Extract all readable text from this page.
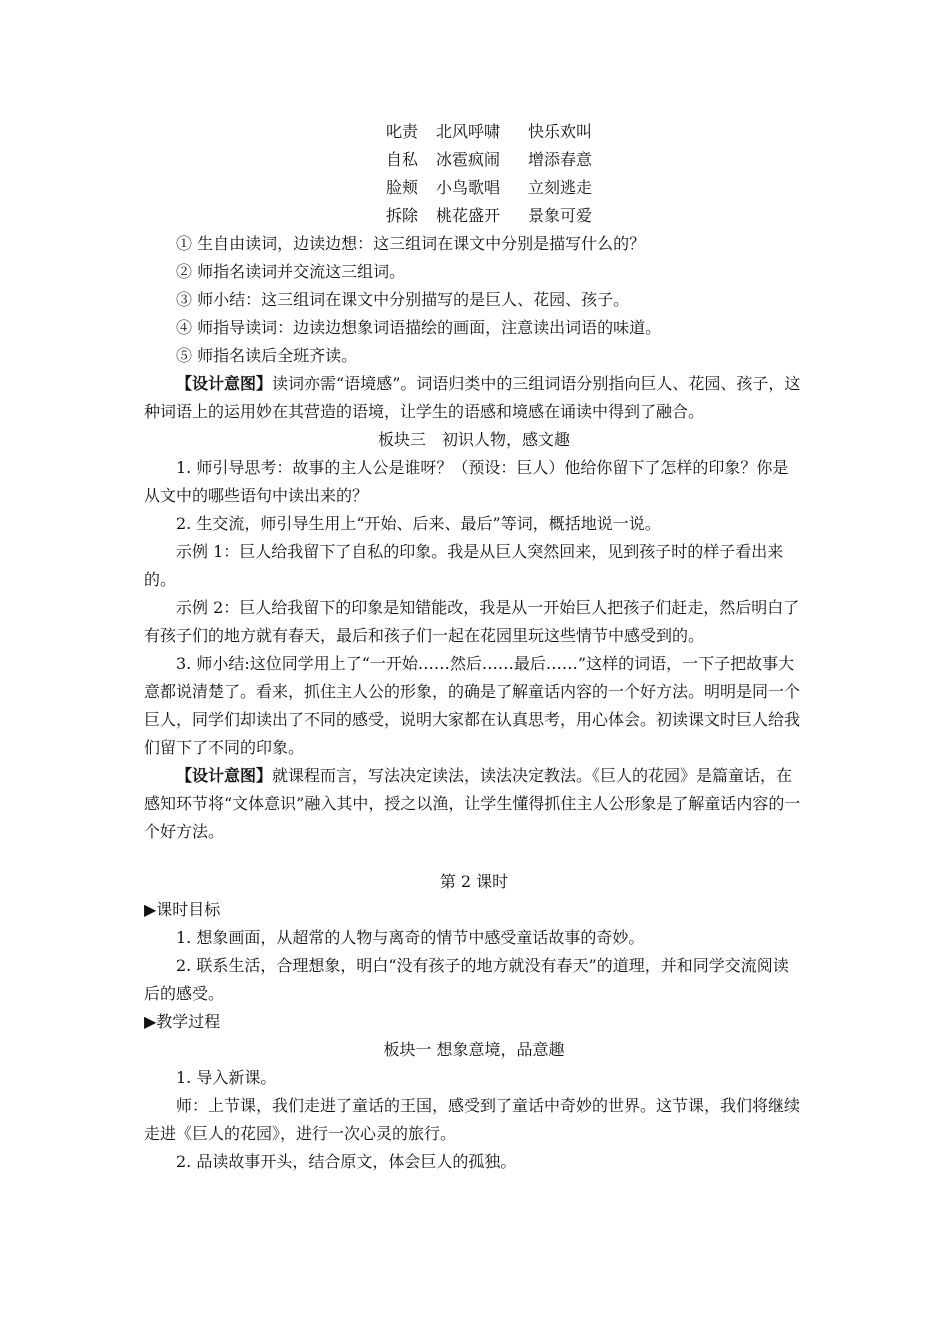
叱责	北风呼啸	快乐欢叫
自私	冰雹疯闹	增添春意
脸颊	小鸟歌唱	立刻逃走
拆除	桃花盛开	景象可爱
① 生自由读词，边读边想：这三组词在课文中分别是描写什么的？
② 师指名读词并交流这三组词。
③ 师小结：这三组词在课文中分别描写的是巨人、花园、孩子。
④ 师指导读词：边读边想象词语描绘的画面，注意读出词语的味道。
⑤ 师指名读后全班齐读。
【设计意图】读词亦需“语境感”。词语归类中的三组词语分别指向巨人、花园、孩子，这种词语上的运用妙在其营造的语境，让学生的语感和境感在诵读中得到了融合。
板块三　初识人物，感文趣
1. 师引导思考：故事的主人公是谁呀？（预设：巨人）他给你留下了怎样的印象？你是从文中的哪些语句中读出来的？
2. 生交流，师引导生用上“开始、后来、最后”等词，概括地说一说。
示例 1：巨人给我留下了自私的印象。我是从巨人突然回来，见到孩子时的样子看出来的。
示例 2：巨人给我留下的印象是知错能改，我是从一开始巨人把孩子们赶走，然后明白了有孩子们的地方就有春天，最后和孩子们一起在花园里玩这些情节中感受到的。
3. 师小结:这位同学用上了“一开始……然后……最后……”这样的词语，一下子把故事大意都说清楚了。看来，抓住主人公的形象，的确是了解童话内容的一个好方法。明明是同一个巨人，同学们却读出了不同的感受，说明大家都在认真思考，用心体会。初读课文时巨人给我们留下了不同的印象。
【设计意图】就课程而言，写法决定读法，读法决定教法。《巨人的花园》是篇童话，在感知环节将“文体意识”融入其中，授之以渔，让学生懂得抓住主人公形象是了解童话内容的一个好方法。
第 2 课时
▶课时目标
1. 想象画面，从超常的人物与离奇的情节中感受童话故事的奇妙。
2. 联系生活，合理想象，明白“没有孩子的地方就没有春天”的道理，并和同学交流阅读后的感受。
▶教学过程
板块一 想象意境，品意趣
1. 导入新课。
师：上节课，我们走进了童话的王国，感受到了童话中奇妙的世界。这节课，我们将继续走进《巨人的花园》，进行一次心灵的旅行。
2. 品读故事开头，结合原文，体会巨人的孤独。
